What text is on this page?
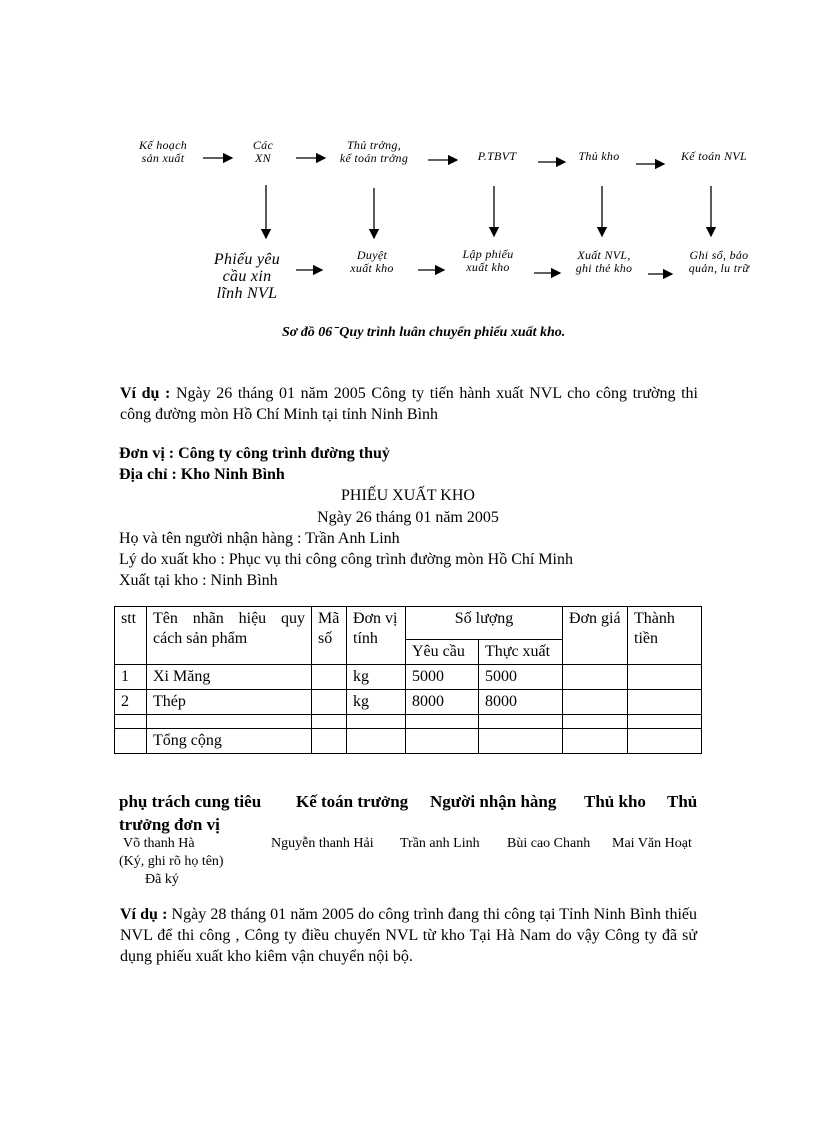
Kế hoạch
sản xuất
Các
XN
Thủ trởng,
kế toán trởng	P.TBVT	Thủ kho	Kế toán NVL
Phiếu yêu
cầu xin
lĩnh NVL
Duyệt
xuất kho
Lập phiếu
xuất kho
Xuất NVL,
ghi thẻ kho
Ghi sổ, bảo
quản, lu trữ
Sơ đồ 06 ̄ Quy trình luân chuyển phiếu xuất kho.
Ví dụ : Ngày 26 tháng 01 năm 2005 Công ty tiến hành xuất NVL cho công trường thi công đường mòn Hồ Chí Minh tại tỉnh Ninh Bình
Đơn vị : Công ty công trình đường thuỷ
Địa chỉ : Kho Ninh Bình
PHIẾU XUẤT KHO
Ngày 26 tháng 01 năm 2005
Họ và tên người nhận hàng : Trần Anh Linh
Lý do xuất kho : Phục vụ thi công công trình đường mòn Hồ Chí Minh
Xuất tại kho : Ninh Bình
stt	Tên nhãn hiệu quy cách sản phẩm	Mã số	Đơn vị tính	Số lượng		Đơn giá	Thành tiền
				Yêu cầu	Thực xuất		
1	Xi Măng		kg	5000	5000		
2	Thép		kg	8000	8000		

	Tổng cộng						
phụ trách cung tiêu Kế toán trưởng Người nhận hàng Thủ kho Thủ
trưởng đơn vị
Võ thanh Hà	Nguyễn thanh Hải Trần anh Linh Bùi cao Chanh Mai Văn Hoạt
(Ký, ghi rõ họ tên)
Đã ký
Ví dụ : Ngày 28 tháng 01 năm 2005 do công trình đang thi công tại Tỉnh Ninh Bình thiếu NVL để thi công , Công ty điều chuyển NVL từ kho Tại Hà Nam do vậy Công ty đã sử dụng phiếu xuất kho kiêm vận chuyển nội bộ.
